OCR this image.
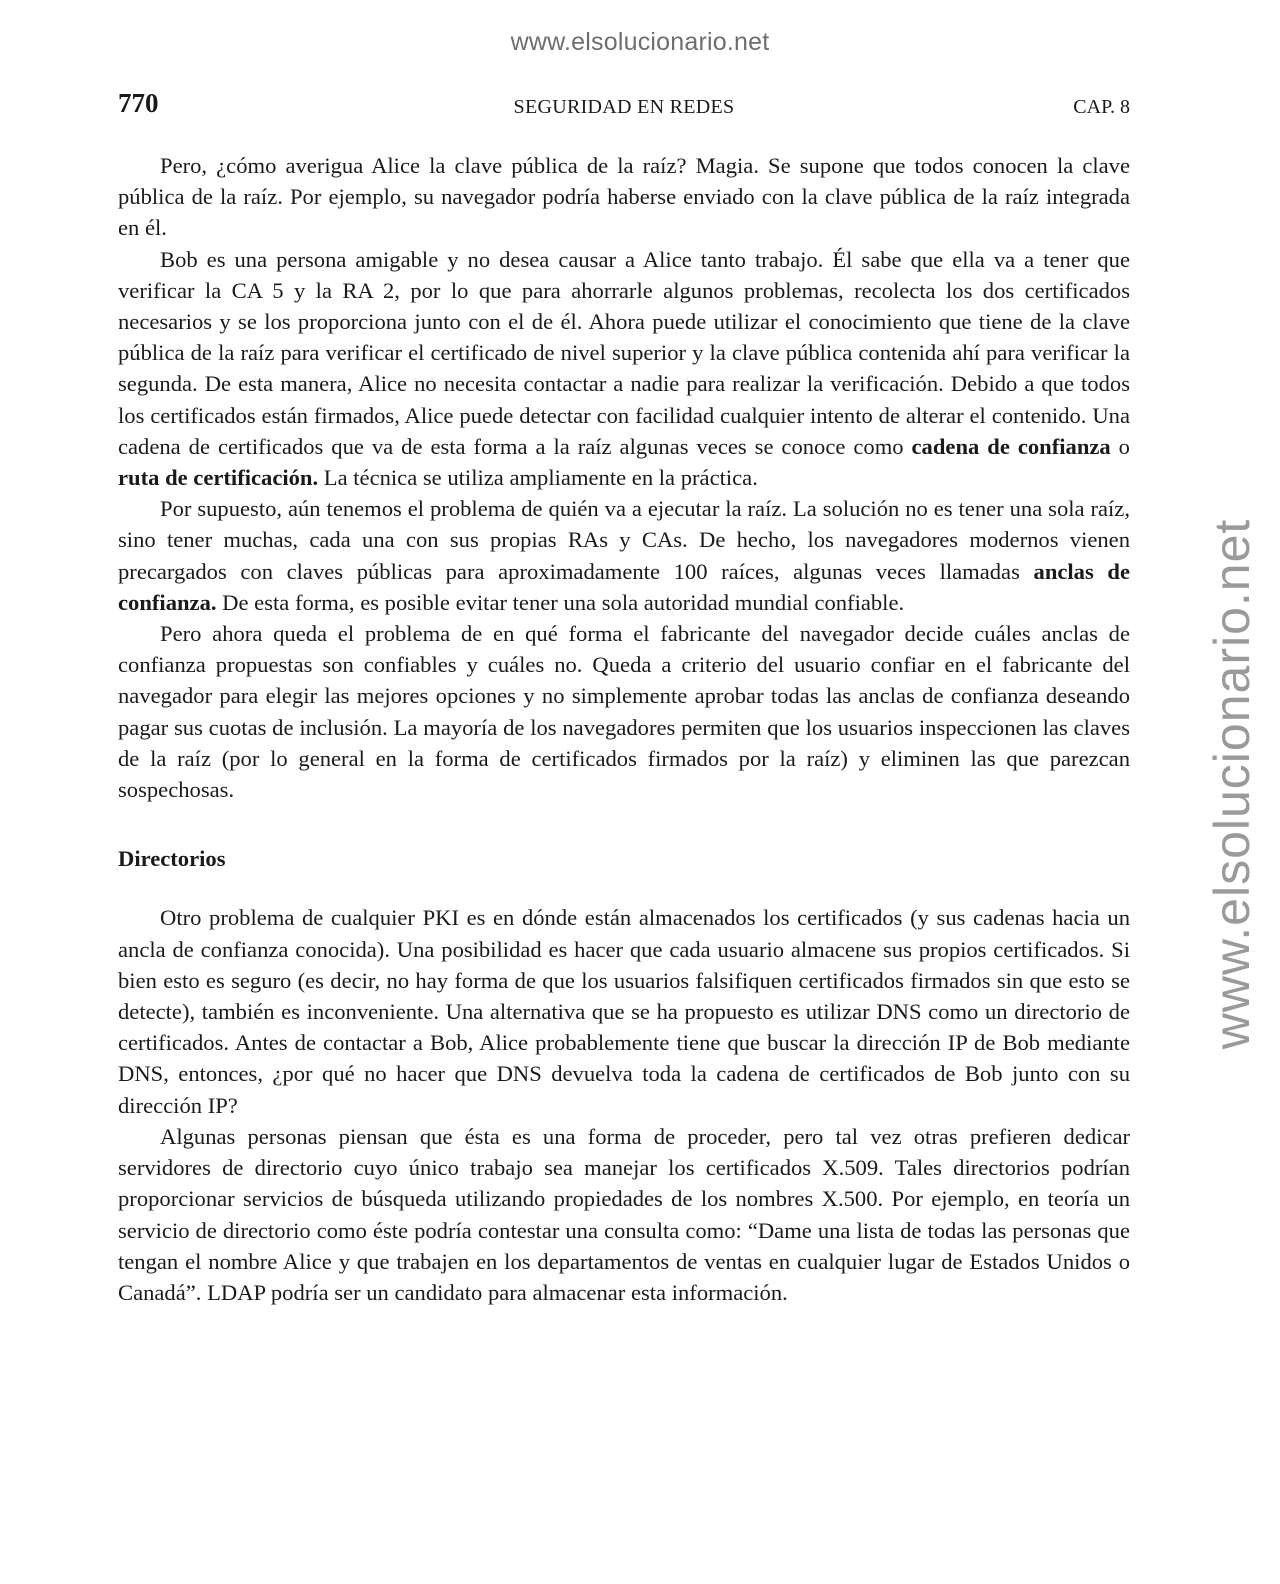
www.elsolucionario.net
www.elsolucionario.net
770	SEGURIDAD EN REDES	CAP. 8

Pero, ¿cómo averigua Alice la clave pública de la raíz? Magia. Se supone que todos conocen la clave pública de la raíz. Por ejemplo, su navegador podría haberse enviado con la clave pública de la raíz integrada en él.

Bob es una persona amigable y no desea causar a Alice tanto trabajo. Él sabe que ella va a tener que verificar la CA 5 y la RA 2, por lo que para ahorrarle algunos problemas, recolecta los dos certificados necesarios y se los proporciona junto con el de él. Ahora puede utilizar el conocimiento que tiene de la clave pública de la raíz para verificar el certificado de nivel superior y la clave pública contenida ahí para verificar la segunda. De esta manera, Alice no necesita contactar a nadie para realizar la verificación. Debido a que todos los certificados están firmados, Alice puede detectar con facilidad cualquier intento de alterar el contenido. Una cadena de certificados que va de esta forma a la raíz algunas veces se conoce como cadena de confianza o ruta de certificación. La técnica se utiliza ampliamente en la práctica.

Por supuesto, aún tenemos el problema de quién va a ejecutar la raíz. La solución no es tener una sola raíz, sino tener muchas, cada una con sus propias RAs y CAs. De hecho, los navegadores modernos vienen precargados con claves públicas para aproximadamente 100 raíces, algunas veces llamadas anclas de confianza. De esta forma, es posible evitar tener una sola autoridad mundial confiable.

Pero ahora queda el problema de en qué forma el fabricante del navegador decide cuáles anclas de confianza propuestas son confiables y cuáles no. Queda a criterio del usuario confiar en el fabricante del navegador para elegir las mejores opciones y no simplemente aprobar todas las anclas de confianza deseando pagar sus cuotas de inclusión. La mayoría de los navegadores permiten que los usuarios inspeccionen las claves de la raíz (por lo general en la forma de certificados firmados por la raíz) y eliminen las que parezcan sospechosas.

Directorios

Otro problema de cualquier PKI es en dónde están almacenados los certificados (y sus cadenas hacia un ancla de confianza conocida). Una posibilidad es hacer que cada usuario almacene sus propios certificados. Si bien esto es seguro (es decir, no hay forma de que los usuarios falsifiquen certificados firmados sin que esto se detecte), también es inconveniente. Una alternativa que se ha propuesto es utilizar DNS como un directorio de certificados. Antes de contactar a Bob, Alice probablemente tiene que buscar la dirección IP de Bob mediante DNS, entonces, ¿por qué no hacer que DNS devuelva toda la cadena de certificados de Bob junto con su dirección IP?

Algunas personas piensan que ésta es una forma de proceder, pero tal vez otras prefieren dedicar servidores de directorio cuyo único trabajo sea manejar los certificados X.509. Tales directorios podrían proporcionar servicios de búsqueda utilizando propiedades de los nombres X.500. Por ejemplo, en teoría un servicio de directorio como éste podría contestar una consulta como: “Dame una lista de todas las personas que tengan el nombre Alice y que trabajen en los departamentos de ventas en cualquier lugar de Estados Unidos o Canadá”. LDAP podría ser un candidato para almacenar esta información.
